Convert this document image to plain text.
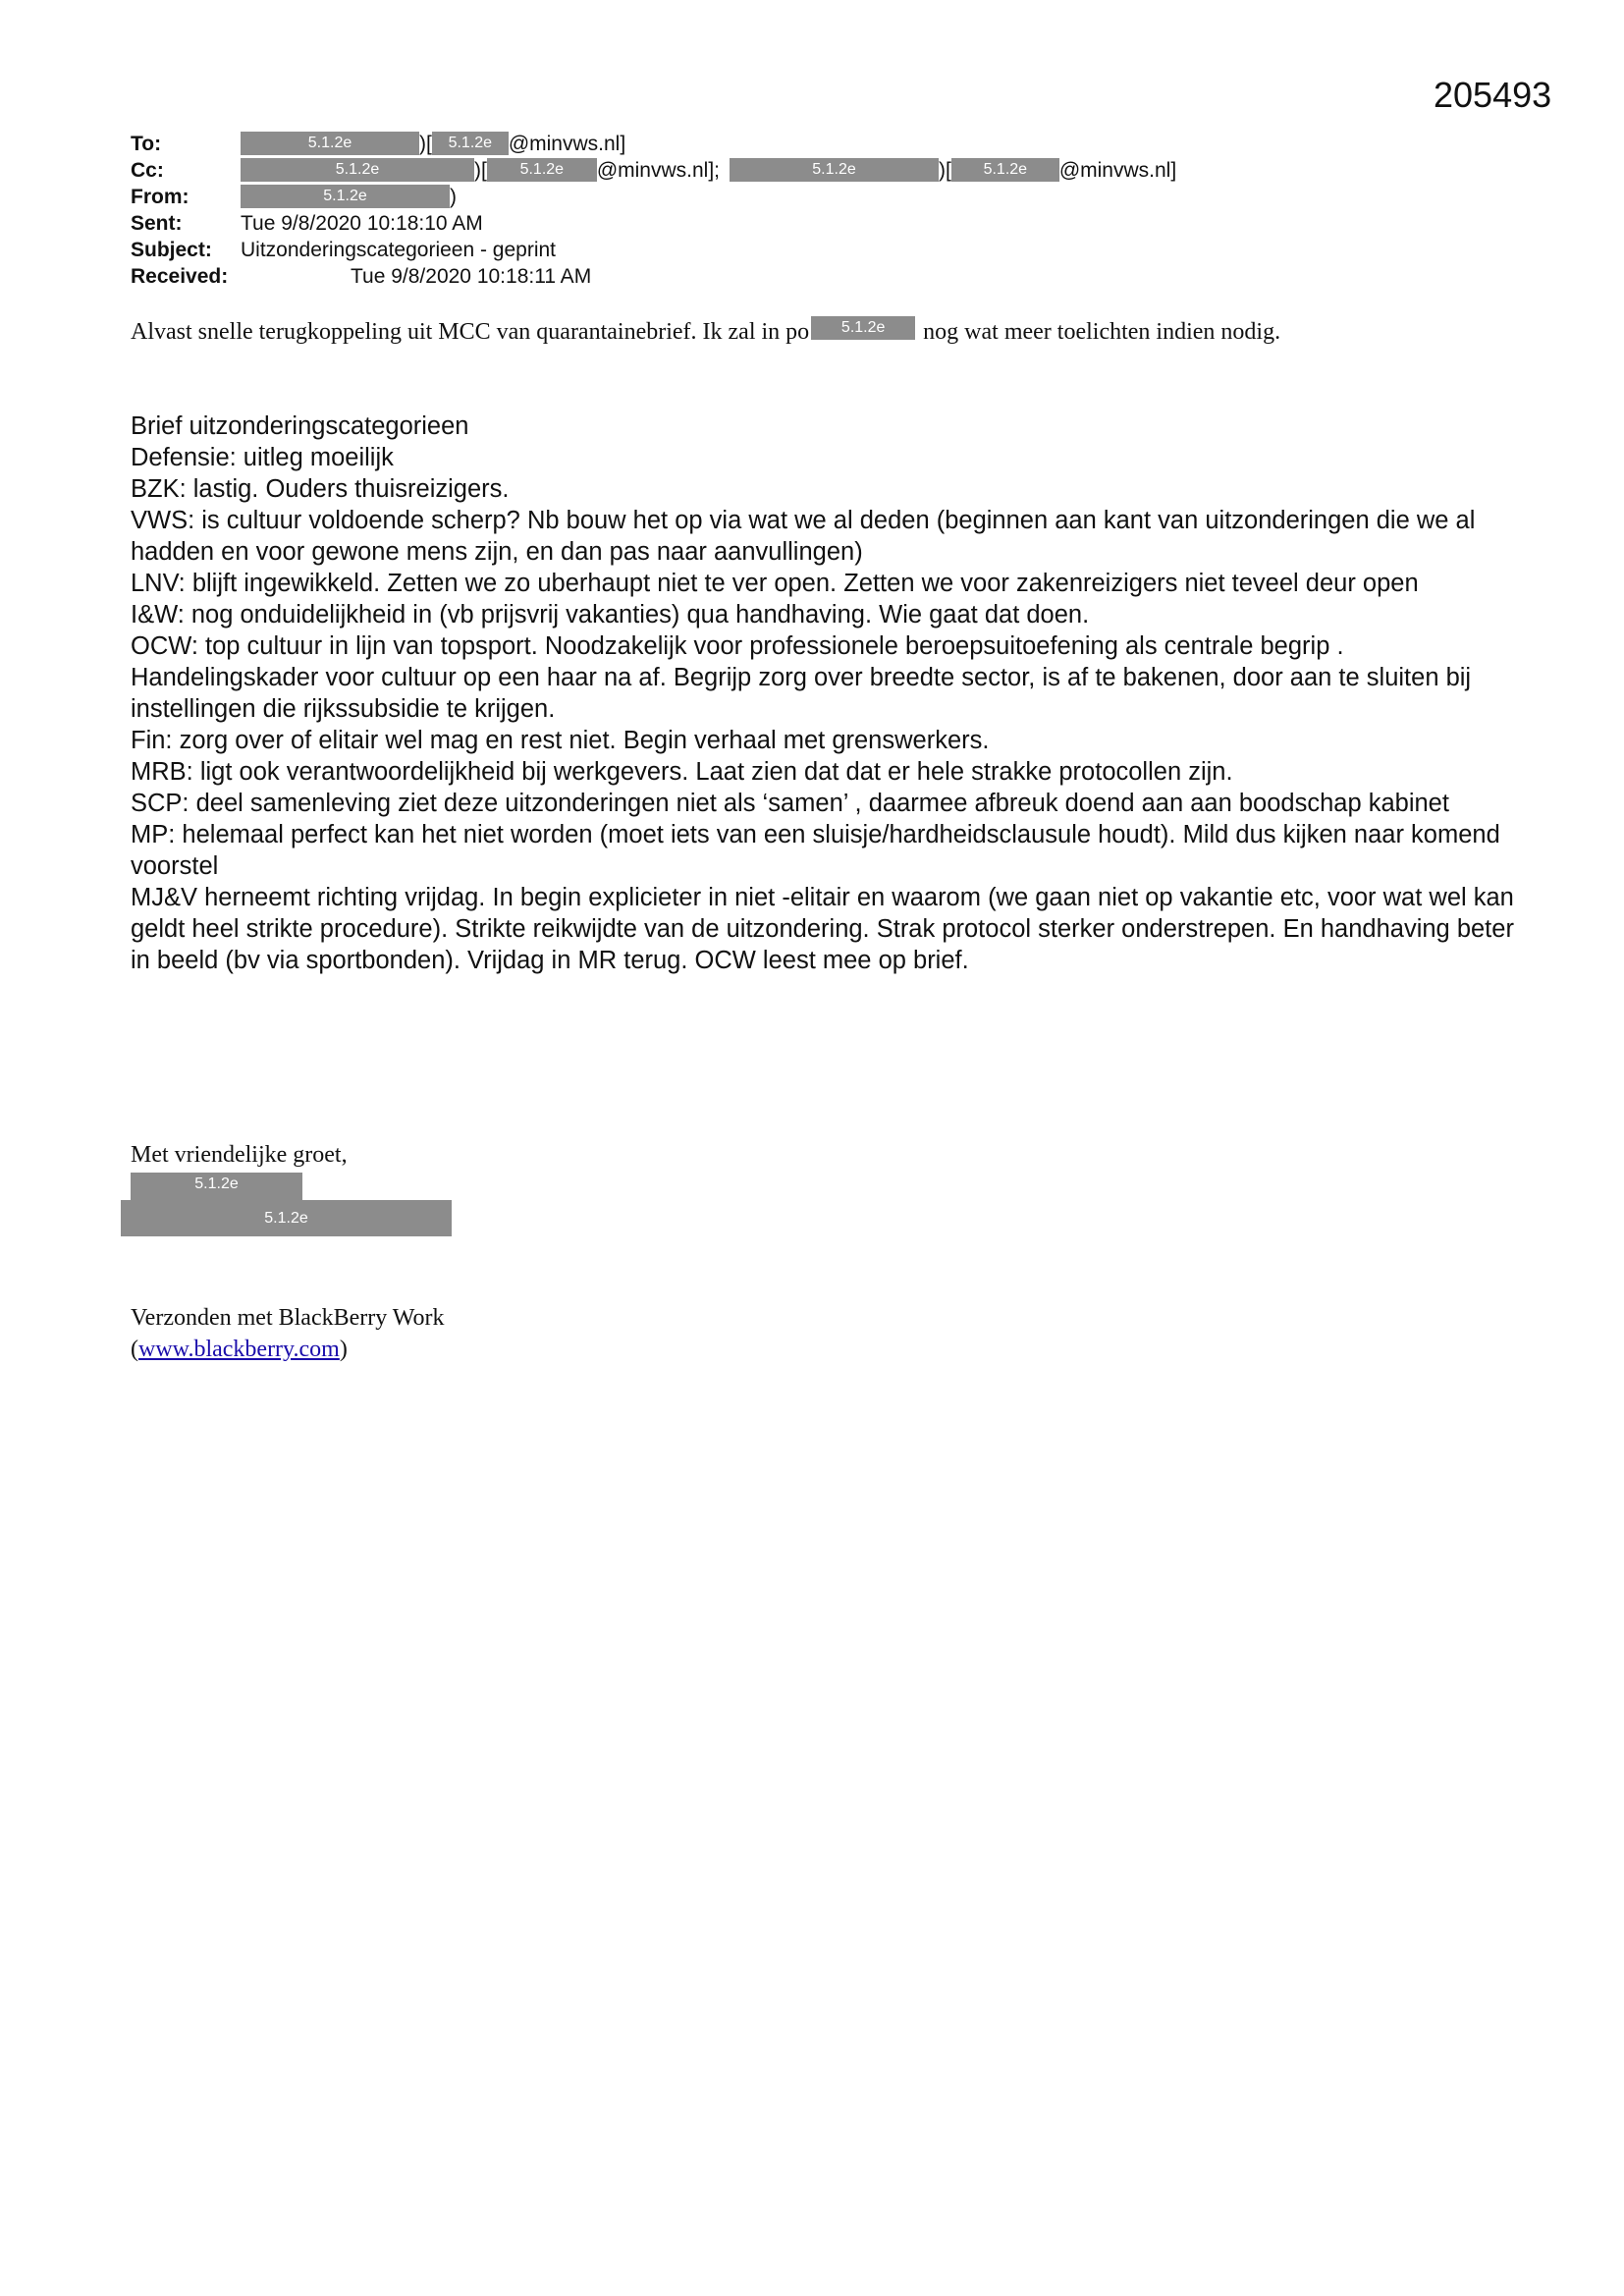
205493
To:	5.1.2e	)[ 5.1.2e @minvws.nl]
Cc:	5.1.2e	)[ 5.1.2e @minvws.nl];	5.1.2e	)[ 5.1.2e @minvws.nl]
From:	5.1.2e	)
Sent:	Tue 9/8/2020 10:18:10 AM
Subject: Uitzonderingscategorieen - geprint
Received:	Tue 9/8/2020 10:18:11 AM
Alvast snelle terugkoppeling uit MCC van quarantainebrief. Ik zal in po 5.1.2e nog wat meer toelichten indien nodig.

Brief uitzonderingscategorieen

Defensie: uitleg moeilijk

BZK: lastig. Ouders thuisreizigers.

VWS: is cultuur voldoende scherp? Nb bouw het op via wat we al deden (beginnen aan kant van uitzonderingen die we al hadden en voor gewone mens zijn, en dan pas naar aanvullingen)

LNV: blijft ingewikkeld. Zetten we zo uberhaupt niet te ver open. Zetten we voor zakenreizigers niet teveel deur open

I&W: nog onduidelijkheid in (vb prijsvrij vakanties) qua handhaving. Wie gaat dat doen.

OCW: top cultuur in lijn van topsport. Noodzakelijk voor professionele beroepsuitoefening als centrale begrip . Handelingskader voor cultuur op een haar na af. Begrijp zorg over breedte sector, is af te bakenen, door aan te sluiten bij instellingen die rijkssubsidie te krijgen.

Fin: zorg over of elitair wel mag en rest niet. Begin verhaal met grenswerkers.

MRB: ligt ook verantwoordelijkheid bij werkgevers. Laat zien dat dat er hele strakke protocollen zijn.

SCP: deel samenleving ziet deze uitzonderingen niet als ‘samen’ , daarmee afbreuk doend aan aan boodschap kabinet

MP: helemaal perfect kan het niet worden (moet iets van een sluisje/hardheidsclausule houdt). Mild dus kijken naar komend voorstel

MJ&V herneemt richting vrijdag. In begin explicieter in niet -elitair en waarom (we gaan niet op vakantie etc, voor wat wel kan geldt heel strikte procedure). Strikte reikwijdte van de uitzondering. Strak protocol sterker onderstrepen. En handhaving beter in beeld (bv via sportbonden). Vrijdag in MR terug. OCW leest mee op brief.

Met vriendelijke groet,
5.1.2e
5.1.2e
Verzonden met BlackBerry Work
(www.blackberry.com)
